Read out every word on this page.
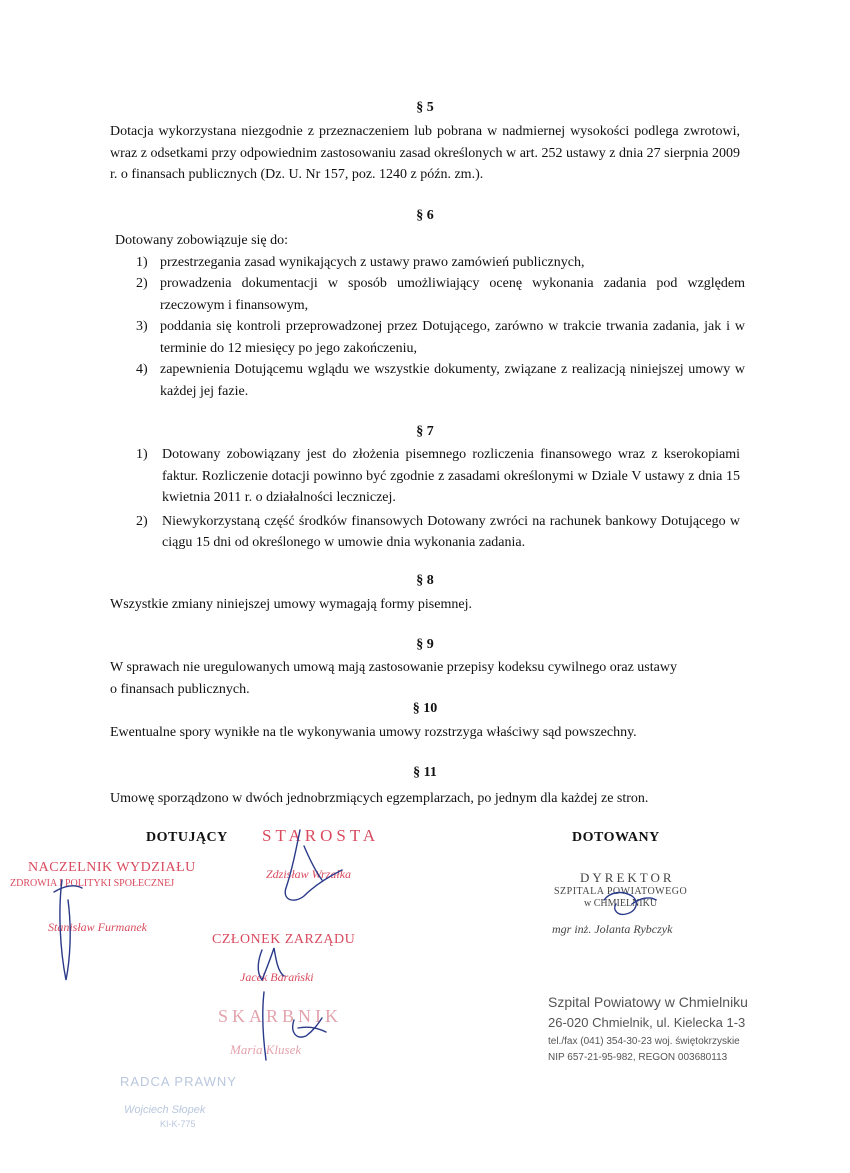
§ 5
Dotacja wykorzystana niezgodnie z przeznaczeniem lub pobrana w nadmiernej wysokości podlega zwrotowi, wraz z odsetkami przy odpowiednim zastosowaniu zasad określonych w art. 252 ustawy z dnia 27 sierpnia 2009 r. o finansach publicznych (Dz. U. Nr 157, poz. 1240 z późn. zm.).
§ 6
Dotowany zobowiązuje się do:
1) przestrzegania zasad wynikających z ustawy prawo zamówień publicznych,
2) prowadzenia dokumentacji w sposób umożliwiający ocenę wykonania zadania pod względem rzeczowym i finansowym,
3) poddania się kontroli przeprowadzonej przez Dotującego, zarówno w trakcie trwania zadania, jak i w terminie do 12 miesięcy po jego zakończeniu,
4) zapewnienia Dotującemu wglądu we wszystkie dokumenty, związane z realizacją niniejszej umowy w każdej jej fazie.
§ 7
1) Dotowany zobowiązany jest do złożenia pisemnego rozliczenia finansowego wraz z kserokopiami faktur. Rozliczenie dotacji powinno być zgodnie z zasadami określonymi w Dziale V ustawy z dnia 15 kwietnia 2011 r. o działalności leczniczej.
2) Niewykorzystaną część środków finansowych Dotowany zwróci na rachunek bankowy Dotującego w ciągu 15 dni od określonego w umowie dnia wykonania zadania.
§ 8
Wszystkie zmiany niniejszej umowy wymagają formy pisemnej.
§ 9
W sprawach nie uregulowanych umową mają zastosowanie przepisy kodeksu cywilnego oraz ustawy
o finansach publicznych.
§ 10
Ewentualne spory wynikłe na tle wykonywania umowy rozstrzyga właściwy sąd powszechny.
§ 11
Umowę sporządzono w dwóch jednobrzmiących egzemplarzach, po jednym dla każdej ze stron.
DOTUJĄCY	DOTOWANY
STAROSTA
Zdzisław Wrzałka
NACZELNIK WYDZIAŁU
ZDROWIA I POLITYKI SPOŁECZNEJ
Stanisław Furmanek
CZŁONEK ZARZĄDU
Jacek Barański
SKARBNIK
Maria Klusek
RADCA PRAWNY
Wojciech Słopek
KI-K-775
DYREKTOR
SZPITALA POWIATOWEGO
w CHMIELNIKU
mgr inż. Jolanta Rybczyk
Szpital Powiatowy w Chmielniku
26-020 Chmielnik, ul. Kielecka 1-3
tel./fax (041) 354-30-23 woj. świętokrzyskie
NIP 657-21-95-982, REGON 003680113
